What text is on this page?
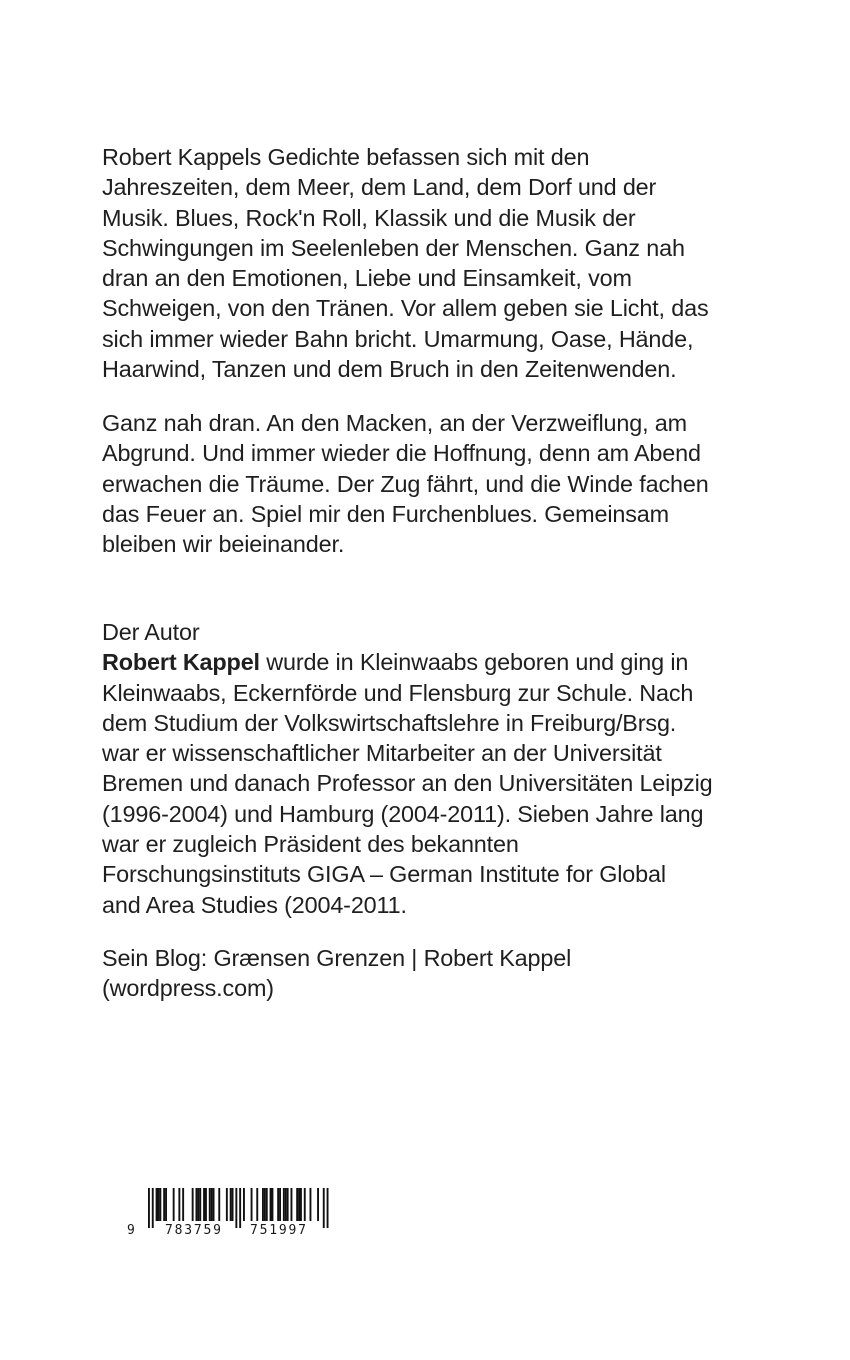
Robert Kappels Gedichte befassen sich mit den
Jahreszeiten, dem Meer, dem Land, dem Dorf und der
Musik. Blues, Rock'n Roll, Klassik und die Musik der
Schwingungen im Seelenleben der Menschen. Ganz nah
dran an den Emotionen, Liebe und Einsamkeit, vom
Schweigen, von den Tränen. Vor allem geben sie Licht, das
sich immer wieder Bahn bricht. Umarmung, Oase, Hände,
Haarwind, Tanzen und dem Bruch in den Zeitenwenden.
Ganz nah dran. An den Macken, an der Verzweiflung, am
Abgrund. Und immer wieder die Hoffnung, denn am Abend
erwachen die Träume. Der Zug fährt, und die Winde fachen
das Feuer an. Spiel mir den Furchenblues. Gemeinsam
bleiben wir beieinander.
Der Autor
Robert Kappel wurde in Kleinwaabs geboren und ging in
Kleinwaabs, Eckernförde und Flensburg zur Schule. Nach
dem Studium der Volkswirtschaftslehre in Freiburg/Brsg.
war er wissenschaftlicher Mitarbeiter an der Universität
Bremen und danach Professor an den Universitäten Leipzig
(1996-2004) und Hamburg (2004-2011). Sieben Jahre lang
war er zugleich Präsident des bekannten
Forschungsinstituts GIGA – German Institute for Global
and Area Studies (2004-2011.
Sein Blog: Grænsen Grenzen | Robert Kappel
(wordpress.com)
9 783759 751997
